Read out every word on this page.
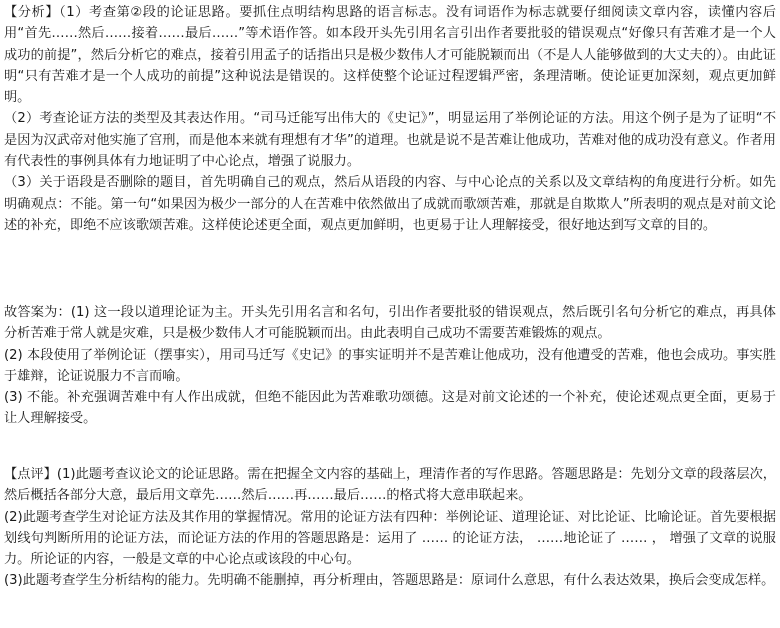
【分析】（1）考查第②段的论证思路。要抓住点明结构思路的语言标志。没有词语作为标志就要仔细阅读文章内容，读懂内容后用“首先……然后……接着……最后……”等术语作答。如本段开头先引用名言引出作者要批驳的错误观点“好像只有苦难才是一个人成功的前提”，然后分析它的难点，接着引用孟子的话指出只是极少数伟人才可能脱颖而出（不是人人能够做到的大丈夫的）。由此证明“只有苦难才是一个人成功的前提”这种说法是错误的。这样使整个论证过程逻辑严密，条理清晰。使论证更加深刻，观点更加鲜明。

（2）考查论证方法的类型及其表达作用。“司马迁能写出伟大的《史记》”，明显运用了举例论证的方法。用这个例子是为了证明“不是因为汉武帝对他实施了宫刑，而是他本来就有理想有才华”的道理。也就是说不是苦难让他成功，苦难对他的成功没有意义。作者用有代表性的事例具体有力地证明了中心论点，增强了说服力。

（3）关于语段是否删除的题目，首先明确自己的观点，然后从语段的内容、与中心论点的关系以及文章结构的角度进行分析。如先明确观点：不能。第一句“如果因为极少一部分的人在苦难中依然做出了成就而歌颂苦难，那就是自欺欺人”所表明的观点是对前文论述的补充，即绝不应该歌颂苦难。这样使论述更全面，观点更加鲜明，也更易于让人理解接受，很好地达到写文章的目的。

故答案为：(1) 这一段以道理论证为主。开头先引用名言和名句，引出作者要批驳的错误观点，然后既引名句分析它的难点，再具体分析苦难于常人就是灾难，只是极少数伟人才可能脱颖而出。由此表明自己成功不需要苦难锻炼的观点。

(2) 本段使用了举例论证（摆事实），用司马迁写《史记》的事实证明并不是苦难让他成功，没有他遭受的苦难，他也会成功。事实胜于雄辩，论证说服力不言而喻。

(3) 不能。补充强调苦难中有人作出成就，但绝不能因此为苦难歌功颂德。这是对前文论述的一个补充，使论述观点更全面，更易于让人理解接受。

【点评】(1)此题考查议论文的论证思路。需在把握全文内容的基础上，理清作者的写作思路。答题思路是：先划分文章的段落层次，然后概括各部分大意，最后用文章先……然后……再……最后……的格式将大意串联起来。

(2)此题考查学生对论证方法及其作用的掌握情况。常用的论证方法有四种：举例论证、道理论证、对比论证、比喻论证。首先要根据划线句判断所用的论证方法，而论证方法的作用的答题思路是：运用了 …… 的论证方法， ……地论证了 …… ， 增强了文章的说服力。所论证的内容，一般是文章的中心论点或该段的中心句。

(3)此题考查学生分析结构的能力。先明确不能删掉，再分析理由，答题思路是：原词什么意思，有什么表达效果，换后会变成怎样。
